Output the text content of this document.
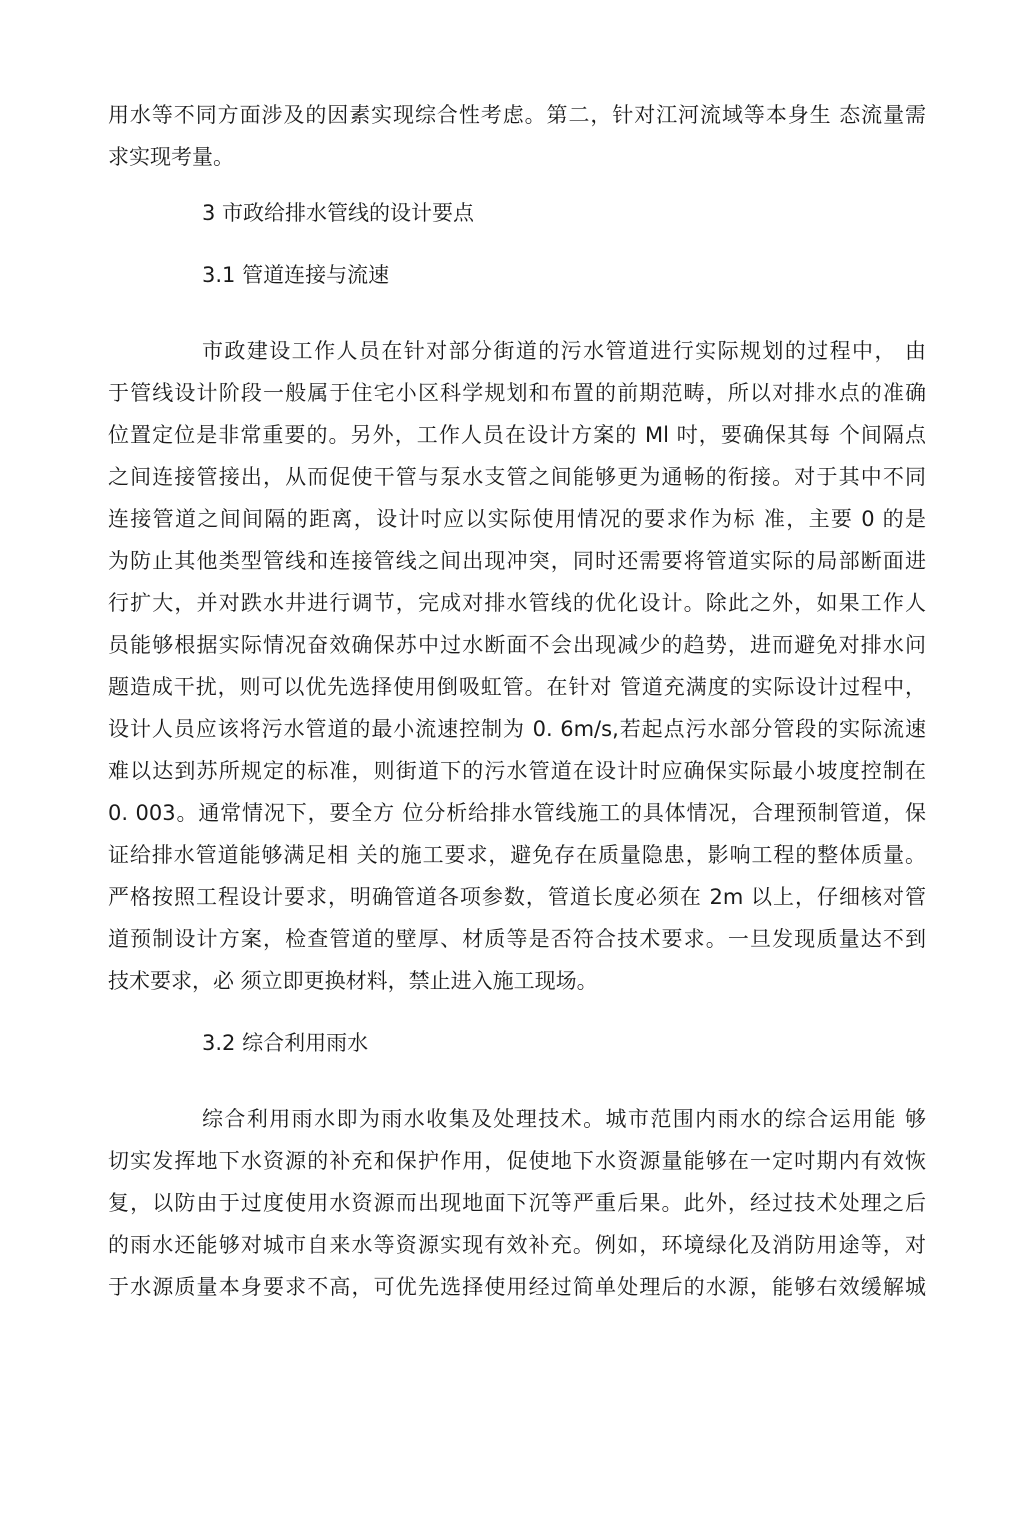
用水等不同方面涉及的因素实现综合性考虑。第二，针对江河流域等本身生 态流量需
求实现考量。
3 市政给排水管线的设计要点
3.1 管道连接与流速
市政建设工作人员在针对部分街道的污水管道进行实际规划的过程中， 由
于管线设计阶段一般属于住宅小区科学规划和布置的前期范畴，所以对排水点的准确
位置定位是非常重要的。另外，工作人员在设计方案的 Ml 吋，要确保其每 个间隔点
之间连接管接出，从而促使干管与泵水支管之间能够更为通畅的衔接。对于其中不同
连接管道之间间隔的距离，设计吋应以实际使用情况的要求作为标 准，主要 0 的是
为防止其他类型管线和连接管线之间出现冲突，同时还需要将管道实际的局部断面进
行扩大，并对跌水井进行调节，完成对排水管线的优化设计。除此之外，如果工作人
员能够根据实际情况奋效确保苏中过水断面不会出现减少的趋势，进而避免对排水问
题造成干扰，则可以优先选择使用倒吸虹管。在针对 管道充满度的实际设计过程中，
设计人员应该将污水管道的最小流速控制为 0. 6m/s,若起点污水部分管段的实际流速
难以达到苏所规定的标准，则街道下的污水管道在设计时应确保实际最小坡度控制在
0. 003。通常情况下，要全方 位分析给排水管线施工的具体情况，合理预制管道，保
证给排水管道能够满足相 关的施工要求，避免存在质量隐患，影响工程的整体质量。
严格按照工程设计要求，明确管道各项参数，管道长度必须在 2m 以上，仔细核对管
道预制设计方案，检查管道的壁厚、材质等是否符合技术要求。一旦发现质量达不到
技术要求，必 须立即更换材料，禁止进入施工现场。
3.2 综合利用雨水
综合利用雨水即为雨水收集及处理技术。城市范围内雨水的综合运用能 够
切实发挥地下水资源的补充和保护作用，促使地下水资源量能够在一定吋期内有效恢
复，以防由于过度使用水资源而出现地面下沉等严重后果。此外，经过技术处理之后
的雨水还能够对城市自来水等资源实现有效补充。例如，环境绿化及消防用途等，对
于水源质量本身要求不高，可优先选择使用经过简单处理后的水源，能够右效缓解城
